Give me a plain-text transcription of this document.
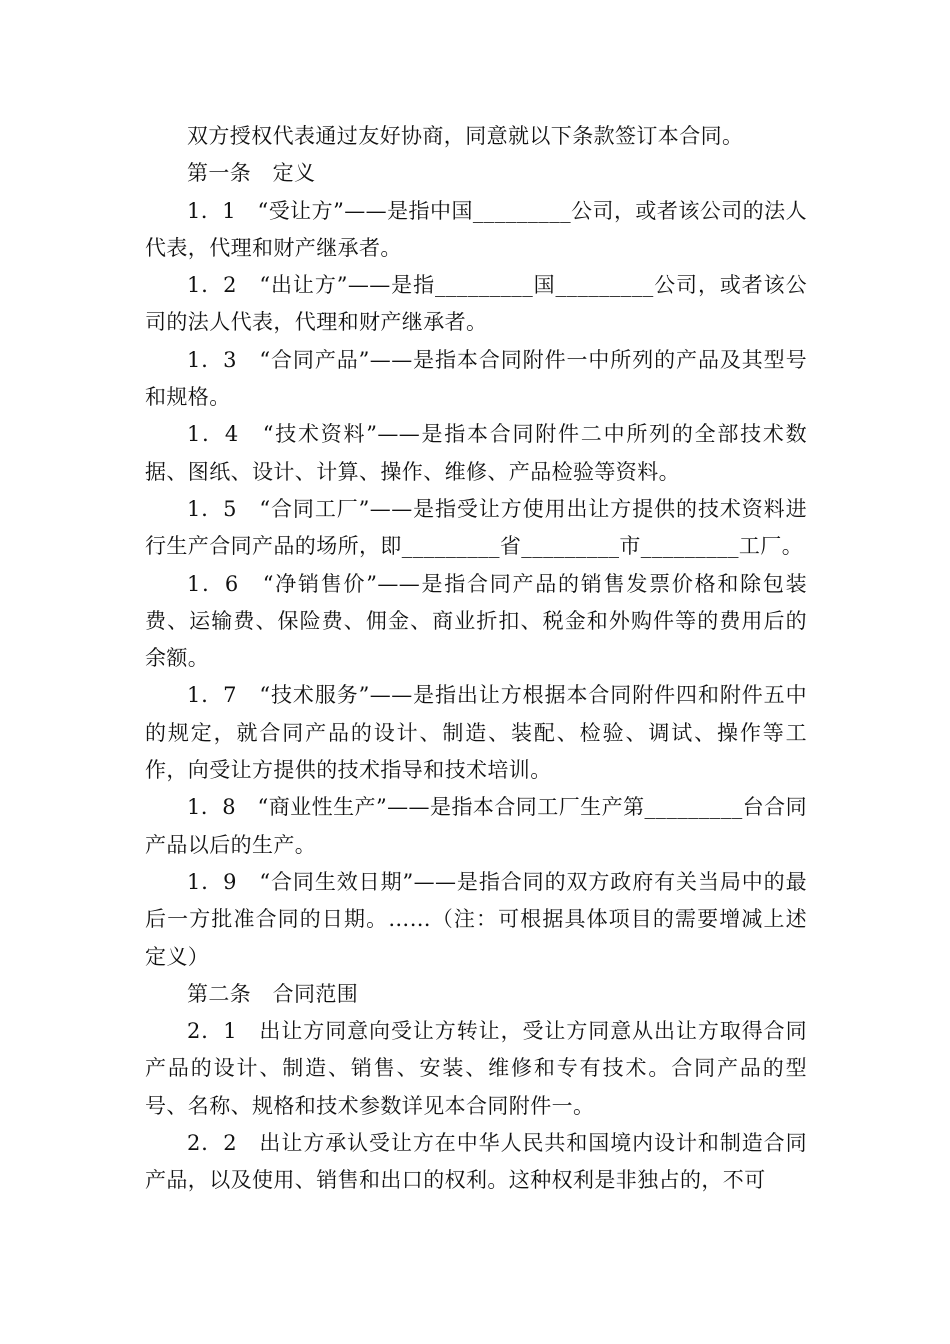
双方授权代表通过友好协商，同意就以下条款签订本合同。

第一条　定义

1．1　“受让方”——是指中国_________公司，或者该公司的法人代表，代理和财产继承者。

1．2　“出让方”——是指_________国_________公司，或者该公司的法人代表，代理和财产继承者。

1．3　“合同产品”——是指本合同附件一中所列的产品及其型号和规格。

1．4　“技术资料”——是指本合同附件二中所列的全部技术数据、图纸、设计、计算、操作、维修、产品检验等资料。

1．5　“合同工厂”——是指受让方使用出让方提供的技术资料进行生产合同产品的场所，即_________省_________市_________工厂。

1．6　“净销售价”——是指合同产品的销售发票价格和除包装费、运输费、保险费、佣金、商业折扣、税金和外购件等的费用后的余额。

1．7　“技术服务”——是指出让方根据本合同附件四和附件五中的规定，就合同产品的设计、制造、装配、检验、调试、操作等工作，向受让方提供的技术指导和技术培训。

1．8　“商业性生产”——是指本合同工厂生产第_________台合同产品以后的生产。

1．9　“合同生效日期”——是指合同的双方政府有关当局中的最后一方批准合同的日期。……（注：可根据具体项目的需要增减上述定义）

第二条　合同范围

2．1　出让方同意向受让方转让，受让方同意从出让方取得合同产品的设计、制造、销售、安装、维修和专有技术。合同产品的型号、名称、规格和技术参数详见本合同附件一。

2．2　出让方承认受让方在中华人民共和国境内设计和制造合同产品，以及使用、销售和出口的权利。这种权利是非独占的，不可
